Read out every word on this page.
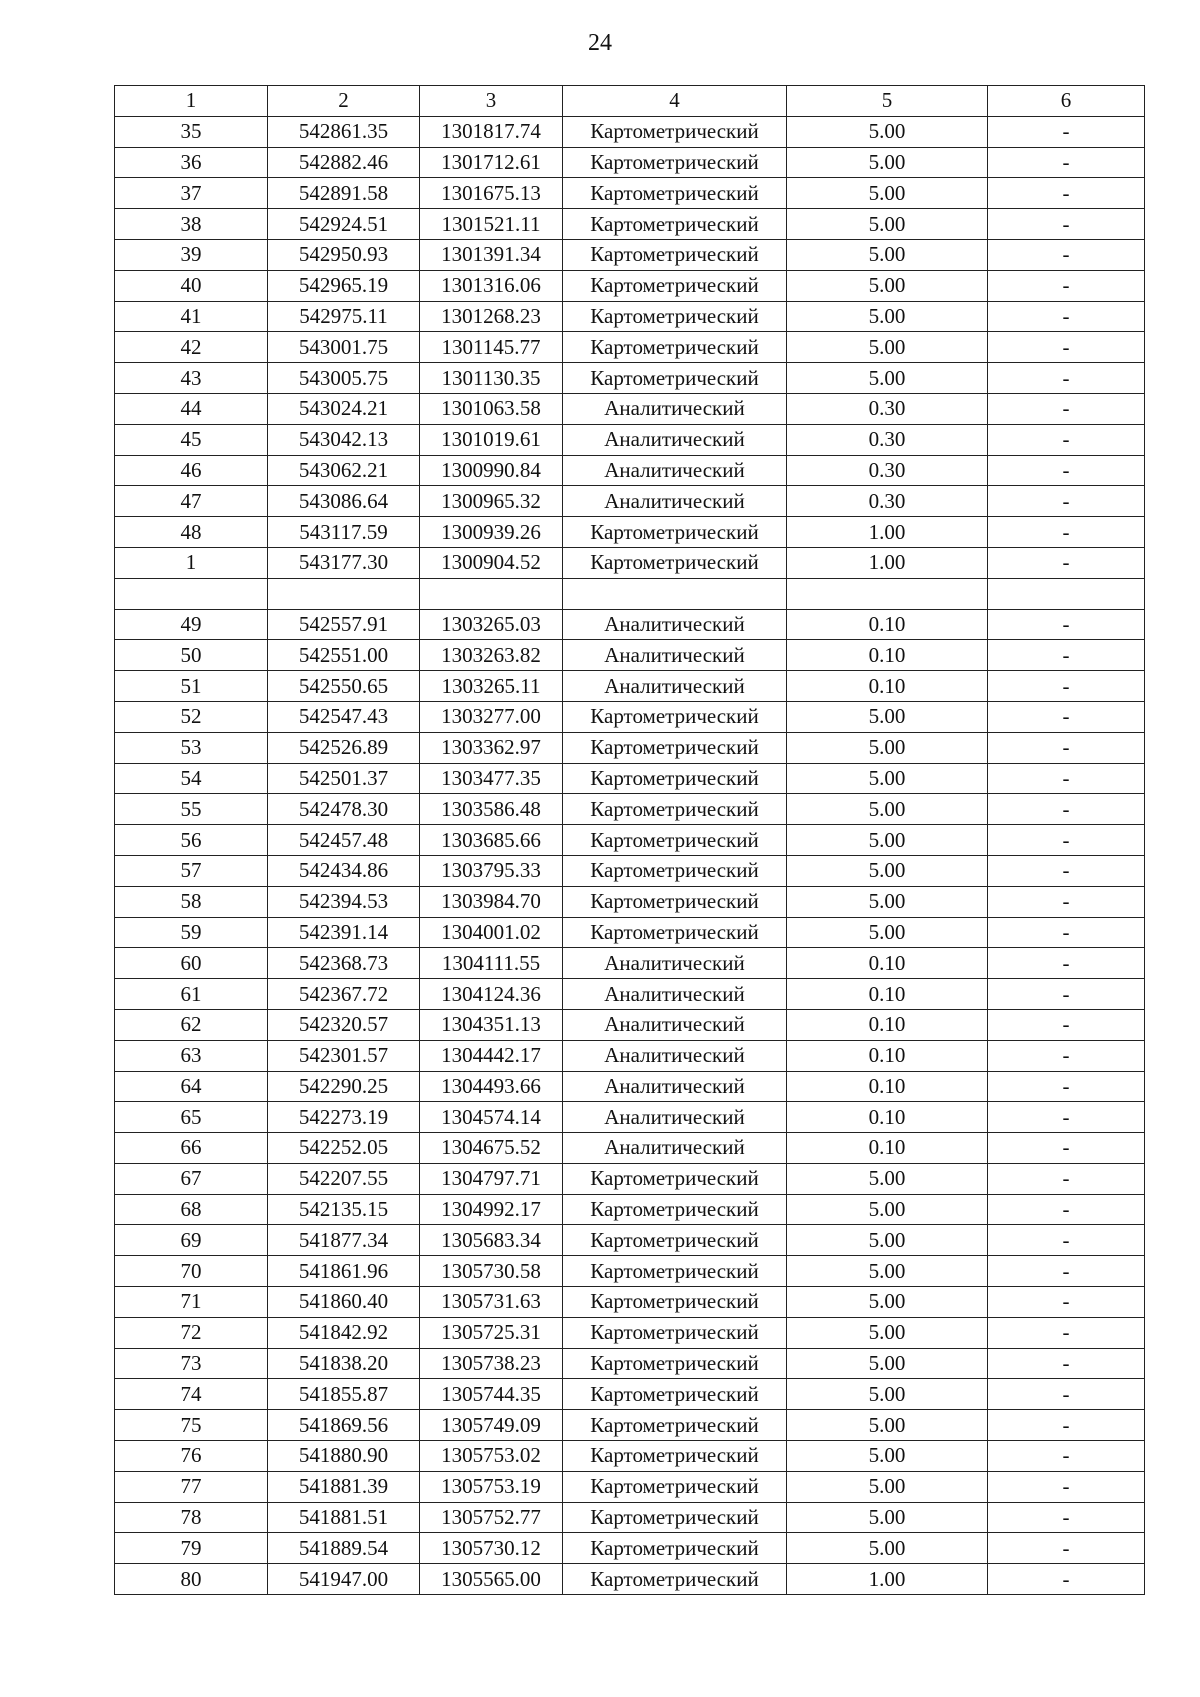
24
1	2	3	4	5	6
35	542861.35	1301817.74	Картометрический	5.00	-
36	542882.46	1301712.61	Картометрический	5.00	-
37	542891.58	1301675.13	Картометрический	5.00	-
38	542924.51	1301521.11	Картометрический	5.00	-
39	542950.93	1301391.34	Картометрический	5.00	-
40	542965.19	1301316.06	Картометрический	5.00	-
41	542975.11	1301268.23	Картометрический	5.00	-
42	543001.75	1301145.77	Картометрический	5.00	-
43	543005.75	1301130.35	Картометрический	5.00	-
44	543024.21	1301063.58	Аналитический	0.30	-
45	543042.13	1301019.61	Аналитический	0.30	-
46	543062.21	1300990.84	Аналитический	0.30	-
47	543086.64	1300965.32	Аналитический	0.30	-
48	543117.59	1300939.26	Картометрический	1.00	-
1	543177.30	1300904.52	Картометрический	1.00	-

49	542557.91	1303265.03	Аналитический	0.10	-
50	542551.00	1303263.82	Аналитический	0.10	-
51	542550.65	1303265.11	Аналитический	0.10	-
52	542547.43	1303277.00	Картометрический	5.00	-
53	542526.89	1303362.97	Картометрический	5.00	-
54	542501.37	1303477.35	Картометрический	5.00	-
55	542478.30	1303586.48	Картометрический	5.00	-
56	542457.48	1303685.66	Картометрический	5.00	-
57	542434.86	1303795.33	Картометрический	5.00	-
58	542394.53	1303984.70	Картометрический	5.00	-
59	542391.14	1304001.02	Картометрический	5.00	-
60	542368.73	1304111.55	Аналитический	0.10	-
61	542367.72	1304124.36	Аналитический	0.10	-
62	542320.57	1304351.13	Аналитический	0.10	-
63	542301.57	1304442.17	Аналитический	0.10	-
64	542290.25	1304493.66	Аналитический	0.10	-
65	542273.19	1304574.14	Аналитический	0.10	-
66	542252.05	1304675.52	Аналитический	0.10	-
67	542207.55	1304797.71	Картометрический	5.00	-
68	542135.15	1304992.17	Картометрический	5.00	-
69	541877.34	1305683.34	Картометрический	5.00	-
70	541861.96	1305730.58	Картометрический	5.00	-
71	541860.40	1305731.63	Картометрический	5.00	-
72	541842.92	1305725.31	Картометрический	5.00	-
73	541838.20	1305738.23	Картометрический	5.00	-
74	541855.87	1305744.35	Картометрический	5.00	-
75	541869.56	1305749.09	Картометрический	5.00	-
76	541880.90	1305753.02	Картометрический	5.00	-
77	541881.39	1305753.19	Картометрический	5.00	-
78	541881.51	1305752.77	Картометрический	5.00	-
79	541889.54	1305730.12	Картометрический	5.00	-
80	541947.00	1305565.00	Картометрический	1.00	-
